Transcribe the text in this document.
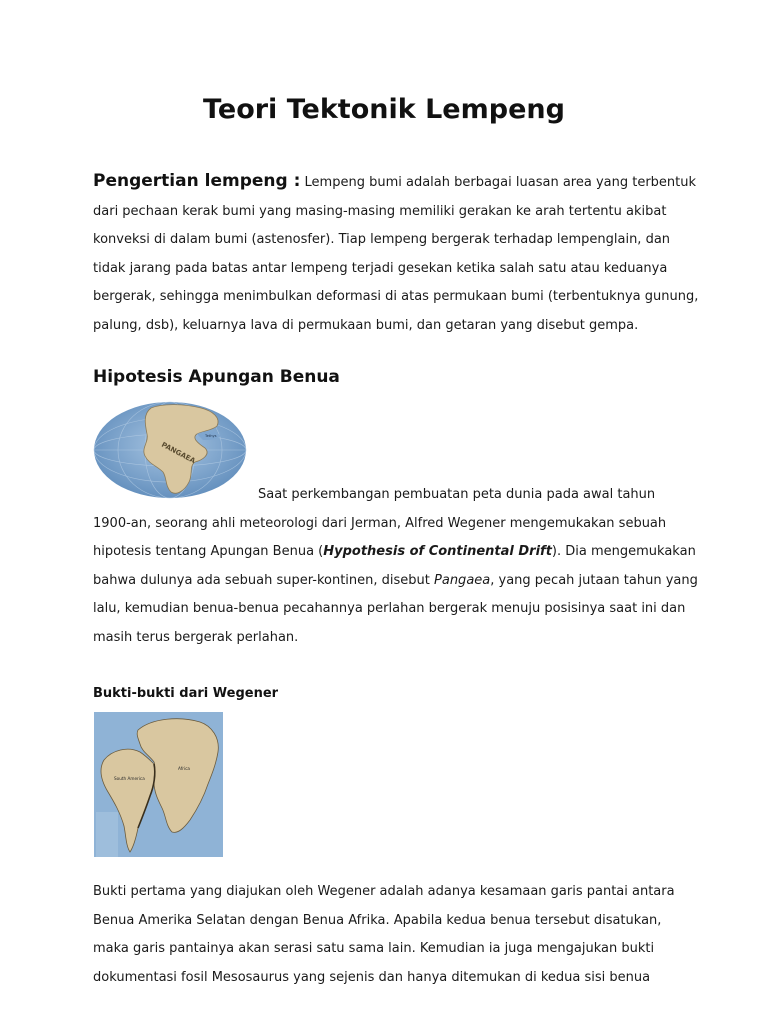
Teori Tektonik Lempeng

Pengertian lempeng : Lempeng bumi adalah berbagai luasan area yang terbentuk
dari pechaan kerak bumi yang masing-masing memiliki gerakan ke arah tertentu akibat
konveksi di dalam bumi (astenosfer). Tiap lempeng bergerak terhadap lempenglain, dan
tidak jarang pada batas antar lempeng terjadi gesekan ketika salah satu atau keduanya
bergerak, sehingga menimbulkan deformasi di atas permukaan bumi (terbentuknya gunung,
palung, dsb), keluarnya lava di permukaan bumi, dan getaran yang disebut gempa.

Hipotesis Apungan Benua
PANGAEA
Tethys

Saat perkembangan pembuatan peta dunia pada awal tahun
1900-an, seorang ahli meteorologi dari Jerman, Alfred Wegener mengemukakan sebuah
hipotesis tentang Apungan Benua (Hypothesis of Continental Drift). Dia mengemukakan
bahwa dulunya ada sebuah super-kontinen, disebut Pangaea, yang pecah jutaan tahun yang
lalu, kemudian benua-benua pecahannya perlahan bergerak menuju posisinya saat ini dan
masih terus bergerak perlahan.

Bukti-bukti dari Wegener
South America
Africa

Bukti pertama yang diajukan oleh Wegener adalah adanya kesamaan garis pantai antara
Benua Amerika Selatan dengan Benua Afrika. Apabila kedua benua tersebut disatukan,
maka garis pantainya akan serasi satu sama lain. Kemudian ia juga mengajukan bukti
dokumentasi fosil Mesosaurus yang sejenis dan hanya ditemukan di kedua sisi benua
